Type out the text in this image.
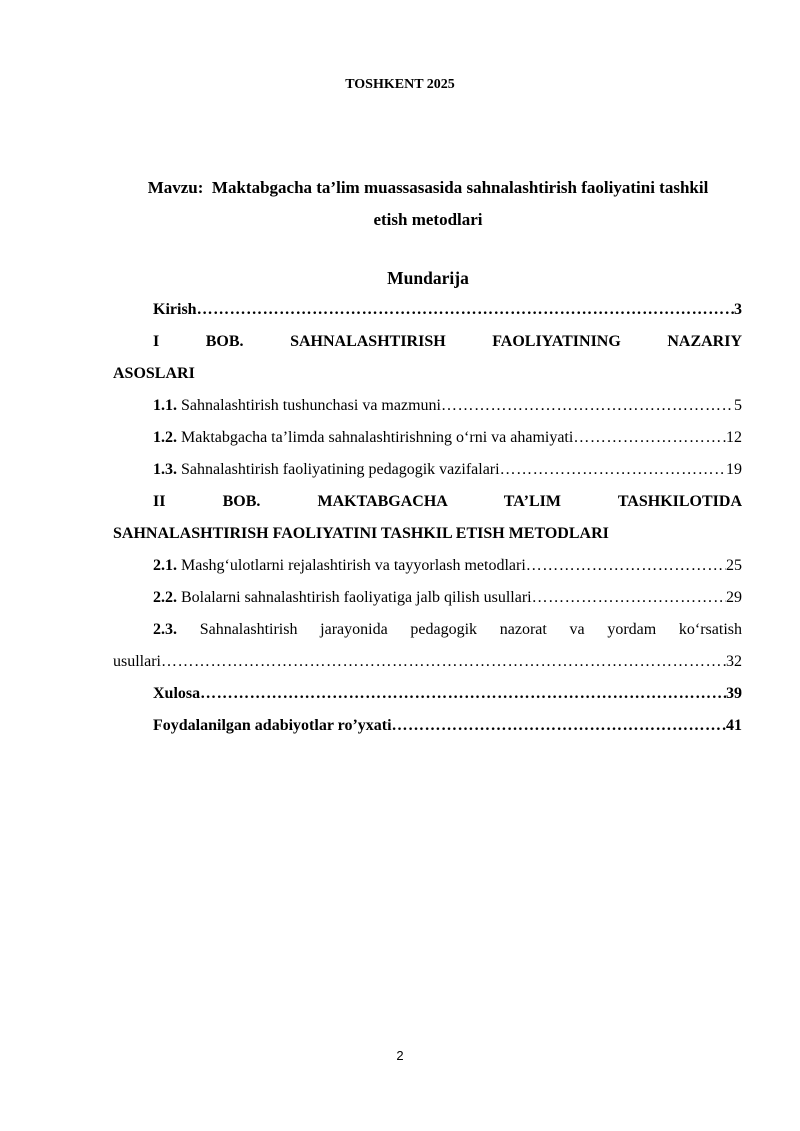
TOSHKENT 2025
Mavzu: Maktabgacha ta’lim muassasasida sahnalashtirish faoliyatini tashkil
etish metodlari
Mundarija
Kirish ……………………………………………………………………………………………………………………………………………………………………	3
I BOB. SAHNALASHTIRISH FAOLIYATINING NAZARIY
ASOSLARI
1.1.
Sahnalashtirish tushunchasi va mazmuni ……………………………………………………………………………………………………………………………………………………………………	5
1.2.
Maktabgacha ta’limda sahnalashtirishning o‘rni va ahamiyati ……………………………………………………………………………………………………………………………………………………………………	12
1.3.
Sahnalashtirish faoliyatining pedagogik vazifalari ……………………………………………………………………………………………………………………………………………………………………	19
II BOB. MAKTABGACHA TA’LIM TASHKILOTIDA
SAHNALASHTIRISH FAOLIYATINI TASHKIL ETISH METODLARI
2.1.
Mashg‘ulotlarni rejalashtirish va tayyorlash metodlari ……………………………………………………………………………………………………………………………………………………………………	25
2.2.
Bolalarni sahnalashtirish faoliyatiga jalb qilish usullari ……………………………………………………………………………………………………………………………………………………………………	29
2.3. Sahnalashtirish jarayonida pedagogik nazorat va yordam ko‘rsatish
usullari ……………………………………………………………………………………………………………………………………………………………………	32
Xulosa ……………………………………………………………………………………………………………………………………………………………………	39
Foydalanilgan adabiyotlar ro’yxati ……………………………………………………………………………………………………………………………………………………………………	41
2
